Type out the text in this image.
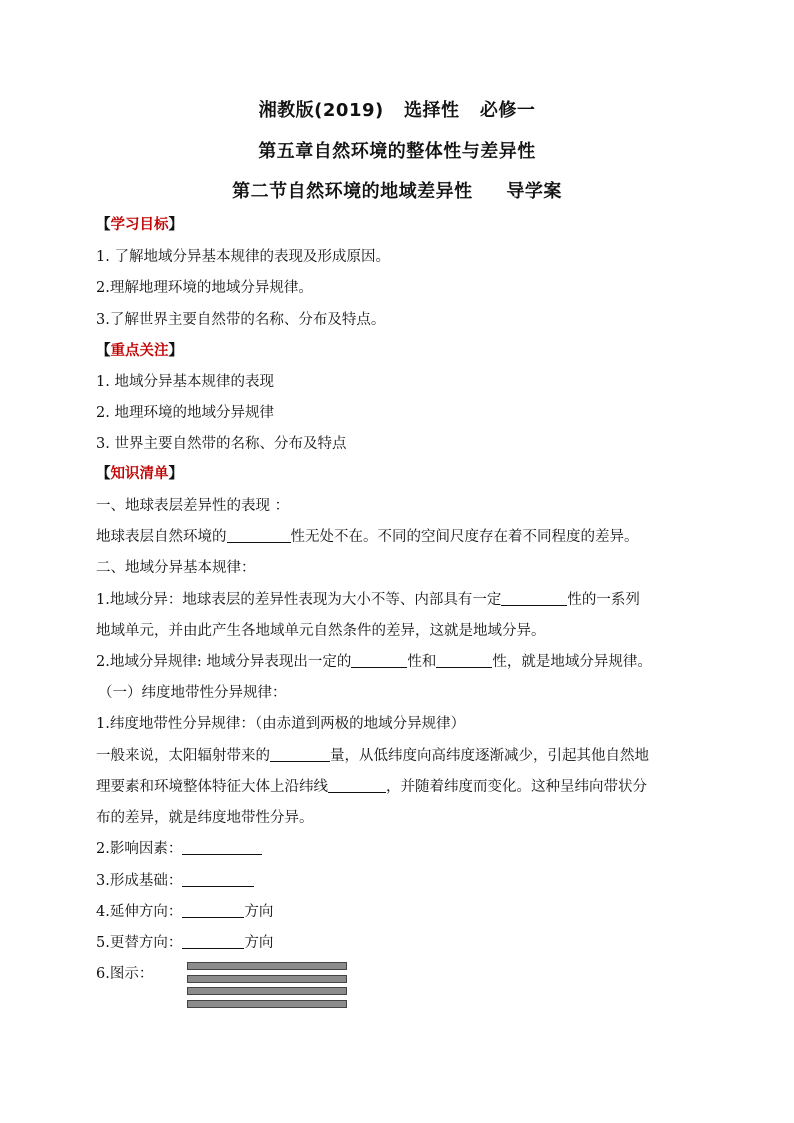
湘教版(2019)   选择性   必修一
第五章自然环境的整体性与差异性
第二节自然环境的地域差异性     导学案
【学习目标】
1. 了解地域分异基本规律的表现及形成原因。
2.理解地理环境的地域分异规律。
3.了解世界主要自然带的名称、分布及特点。
【重点关注】
1. 地域分异基本规律的表现
2. 地理环境的地域分异规律
3. 世界主要自然带的名称、分布及特点
【知识清单】
一、地球表层差异性的表现 ：
地球表层自然环境的	性无处不在。不同的空间尺度存在着不同程度的差异。
二、地域分异基本规律：
1.地域分异：地球表层的差异性表现为大小不等、内部具有一定	性的一系列
地域单元，并由此产生各地域单元自然条件的差异，这就是地域分异。
2.地域分异规律: 地域分异表现出一定的	性和	性，就是地域分异规律。
（一）纬度地带性分异规律：
1.纬度地带性分异规律：（由赤道到两极的地域分异规律）
一般来说，太阳辐射带来的	量，从低纬度向高纬度逐渐减少，引起其他自然地
理要素和环境整体特征大体上沿纬线	，并随着纬度而变化。这种呈纬向带状分
布的差异，就是纬度地带性分异。
2.影响因素：
3.形成基础：
4.延伸方向：	方向
5.更替方向：	方向
6.图示：
